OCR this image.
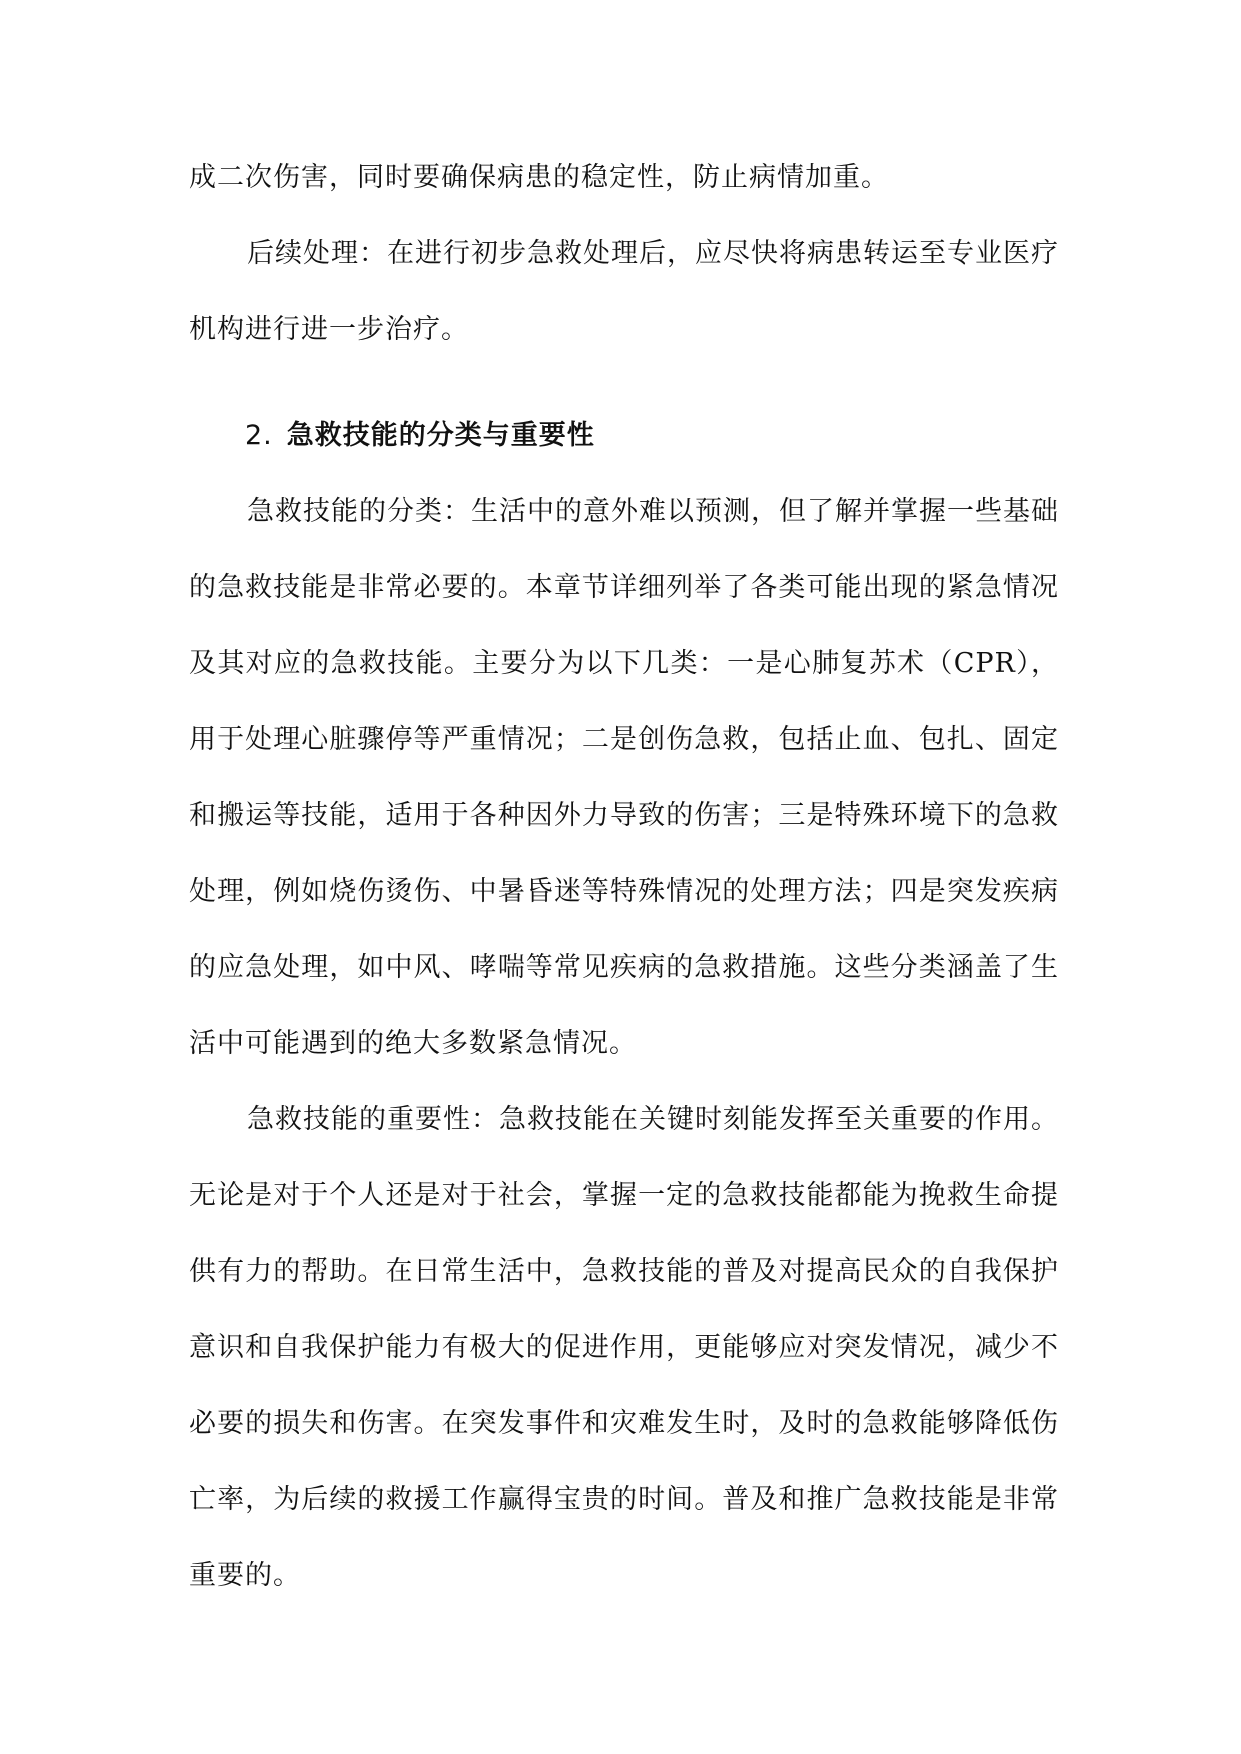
成二次伤害，同时要确保病患的稳定性，防止病情加重。

后续处理：在进行初步急救处理后，应尽快将病患转运至专业医疗机构进行进一步治疗。

2. 急救技能的分类与重要性

急救技能的分类：生活中的意外难以预测，但了解并掌握一些基础的急救技能是非常必要的。本章节详细列举了各类可能出现的紧急情况及其对应的急救技能。主要分为以下几类：一是心肺复苏术（CPR），用于处理心脏骤停等严重情况；二是创伤急救，包括止血、包扎、固定和搬运等技能，适用于各种因外力导致的伤害；三是特殊环境下的急救处理，例如烧伤烫伤、中暑昏迷等特殊情况的处理方法；四是突发疾病的应急处理，如中风、哮喘等常见疾病的急救措施。这些分类涵盖了生活中可能遇到的绝大多数紧急情况。

急救技能的重要性：急救技能在关键时刻能发挥至关重要的作用。无论是对于个人还是对于社会，掌握一定的急救技能都能为挽救生命提供有力的帮助。在日常生活中，急救技能的普及对提高民众的自我保护意识和自我保护能力有极大的促进作用，更能够应对突发情况，减少不必要的损失和伤害。在突发事件和灾难发生时，及时的急救能够降低伤亡率，为后续的救援工作赢得宝贵的时间。普及和推广急救技能是非常重要的。
